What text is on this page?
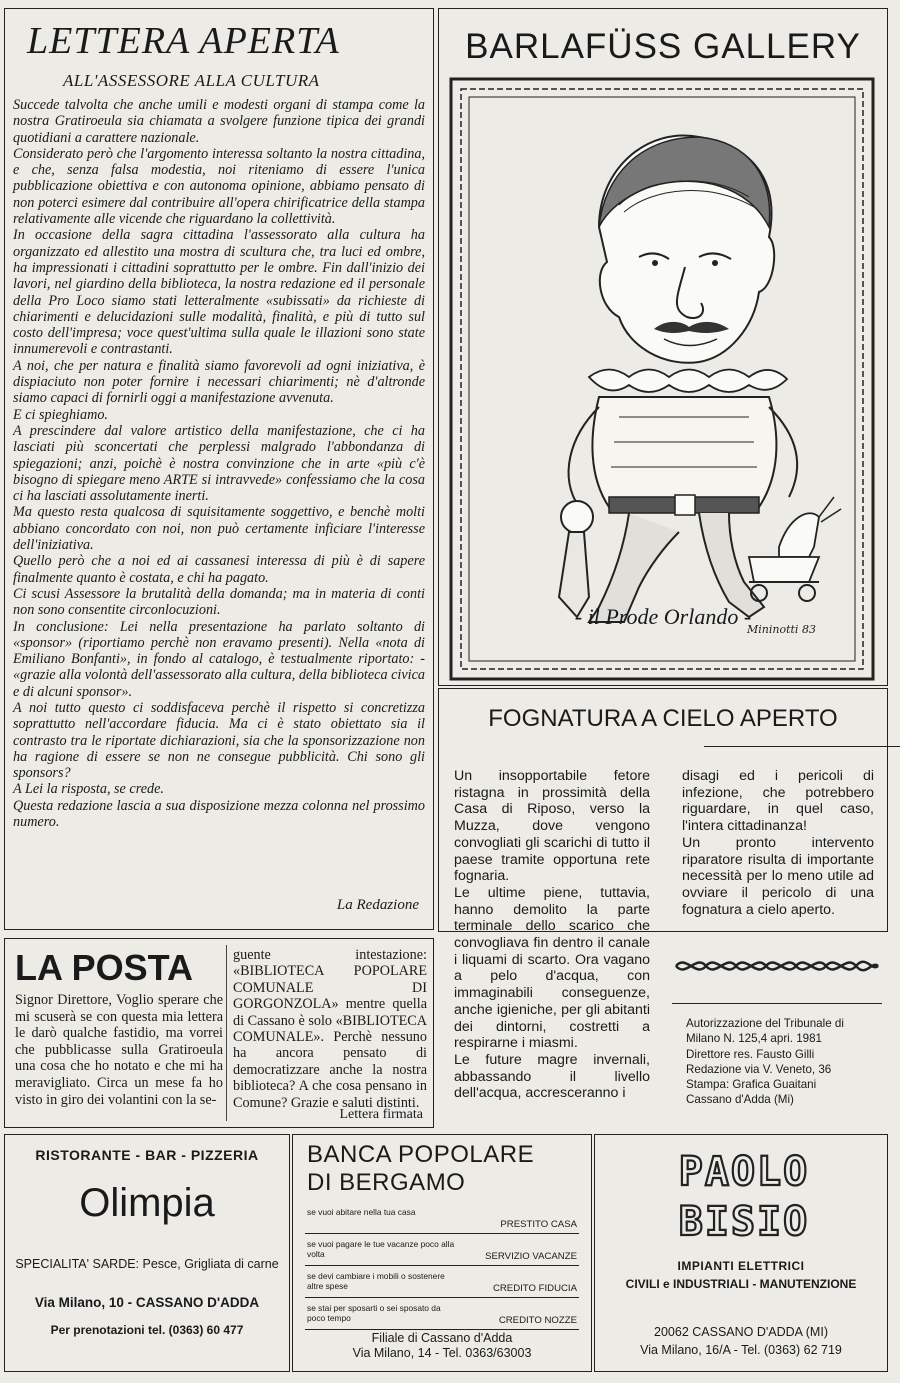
LETTERA APERTA
ALL'ASSESSORE ALLA CULTURA

Succede talvolta che anche umili e modesti organi di stampa come la nostra Gratiroeula sia chiamata a svolgere funzione tipica dei grandi quotidiani a carattere nazionale.

Considerato però che l'argomento interessa soltanto la nostra cittadina, e che, senza falsa modestia, noi riteniamo di essere l'unica pubblicazione obiettiva e con autonoma opinione, abbiamo pensato di non poterci esimere dal contribuire all'opera chirificatrice della stampa relativamente alle vicende che riguardano la collettività.

In occasione della sagra cittadina l'assessorato alla cultura ha organizzato ed allestito una mostra di scultura che, tra luci ed ombre, ha impressionati i cittadini soprattutto per le ombre. Fin dall'inizio dei lavori, nel giardino della biblioteca, la nostra redazione ed il personale della Pro Loco siamo stati letteralmente «subissati» da richieste di chiarimenti e delucidazioni sulle modalità, finalità, e più di tutto sul costo dell'impresa; voce quest'ultima sulla quale le illazioni sono state innumerevoli e contrastanti.

A noi, che per natura e finalità siamo favorevoli ad ogni iniziativa, è dispiaciuto non poter fornire i necessari chiarimenti; nè d'altronde siamo capaci di fornirli oggi a manifestazione avvenuta.

E ci spieghiamo.

A prescindere dal valore artistico della manifestazione, che ci ha lasciati più sconcertati che perplessi malgrado l'abbondanza di spiegazioni; anzi, poichè è nostra convinzione che in arte «più c'è bisogno di spiegare meno ARTE si intravvede» confessiamo che la cosa ci ha lasciati assolutamente inerti.

Ma questo resta qualcosa di squisitamente soggettivo, e benchè molti abbiano concordato con noi, non può certamente inficiare l'interesse dell'iniziativa.

Quello però che a noi ed ai cassanesi interessa di più è di sapere finalmente quanto è costata, e chi ha pagato.

Ci scusi Assessore la brutalità della domanda; ma in materia di conti non sono consentite circonlocuzioni.

In conclusione: Lei nella presentazione ha parlato soltanto di «sponsor» (riportiamo perchè non eravamo presenti). Nella «nota di Emiliano Bonfanti», in fondo al catalogo, è testualmente riportato: - «grazie alla volontà dell'assessorato alla cultura, della biblioteca civica e di alcuni sponsor».

A noi tutto questo ci soddisfaceva perchè il rispetto si concretizza soprattutto nell'accordare fiducia. Ma ci è stato obiettato sia il contrasto tra le riportate dichiarazioni, sia che la sponsorizzazione non ha ragione di essere se non ne consegue pubblicità. Chi sono gli sponsors?

A Lei la risposta, se crede.

Questa redazione lascia a sua disposizione mezza colonna nel prossimo numero.

La Redazione
BARLAFÜSS GALLERY
Mininotti 83
- il Prode Orlando -
FOGNATURA A CIELO APERTO

Un insopportabile fetore ristagna in prossimità della Casa di Riposo, verso la Muzza, dove vengono convogliati gli scarichi di tutto il paese tramite opportuna rete fognaria.

Le ultime piene, tuttavia, hanno demolito la parte terminale dello scarico che convogliava fin dentro il canale i liquami di scarto. Ora vagano a pelo d'acqua, con immaginabili conseguenze, anche igieniche, per gli abitanti dei dintorni, costretti a respirarne i miasmi.

Le future magre invernali, abbassando il livello dell'acqua, accresceranno i

disagi ed i pericoli di infezione, che potrebbero riguardare, in quel caso, l'intera cittadinanza!

Un pronto intervento riparatore risulta di importante necessità per lo meno utile ad ovviare il pericolo di una fognatura a cielo aperto.

Autorizzazione del Tribunale di
Milano N. 125,4 apri. 1981
Direttore res. Fausto Gilli
Redazione via V. Veneto, 36
Stampa: Grafica Guaitani
Cassano d'Adda (Mi)
LA POSTA
Signor Direttore, Voglio sperare che mi scuserà se con questa mia lettera le darò qualche fastidio, ma vorrei che pubblicasse sulla Gratiroeula una cosa che ho notato e che mi ha meravigliato. Circa un mese fa ho visto in giro dei volantini con la se-
guente intestazione: «BIBLIOTECA POPOLARE COMUNALE DI GORGONZOLA» mentre quella di Cassano è solo «BIBLIOTECA COMUNALE». Perchè nessuno ha ancora pensato di democratizzare anche la nostra biblioteca? A che cosa pensano in Comune? Grazie e saluti distinti.
Lettera firmata
RISTORANTE - BAR - PIZZERIA
Olimpia
SPECIALITA' SARDE: Pesce, Grigliata di carne
Via Milano, 10 - CASSANO D'ADDA
Per prenotazioni tel. (0363) 60 477
BANCA POPOLARE
DI BERGAMO
se vuoi abitare nella tua casa
PRESTITO CASA
se vuoi pagare le tue vacanze poco alla volta	SERVIZIO VACANZE
se devi cambiare i mobili o sostenere altre spese	CREDITO FIDUCIA
se stai per sposarti o sei sposato da poco tempo	CREDITO NOZZE
Filiale di Cassano d'Adda
Via Milano, 14 - Tel. 0363/63003
PAOLO
BISIO
IMPIANTI ELETTRICI
CIVILI e INDUSTRIALI - MANUTENZIONE
20062 CASSANO D'ADDA (MI)
Via Milano, 16/A - Tel. (0363) 62 719
